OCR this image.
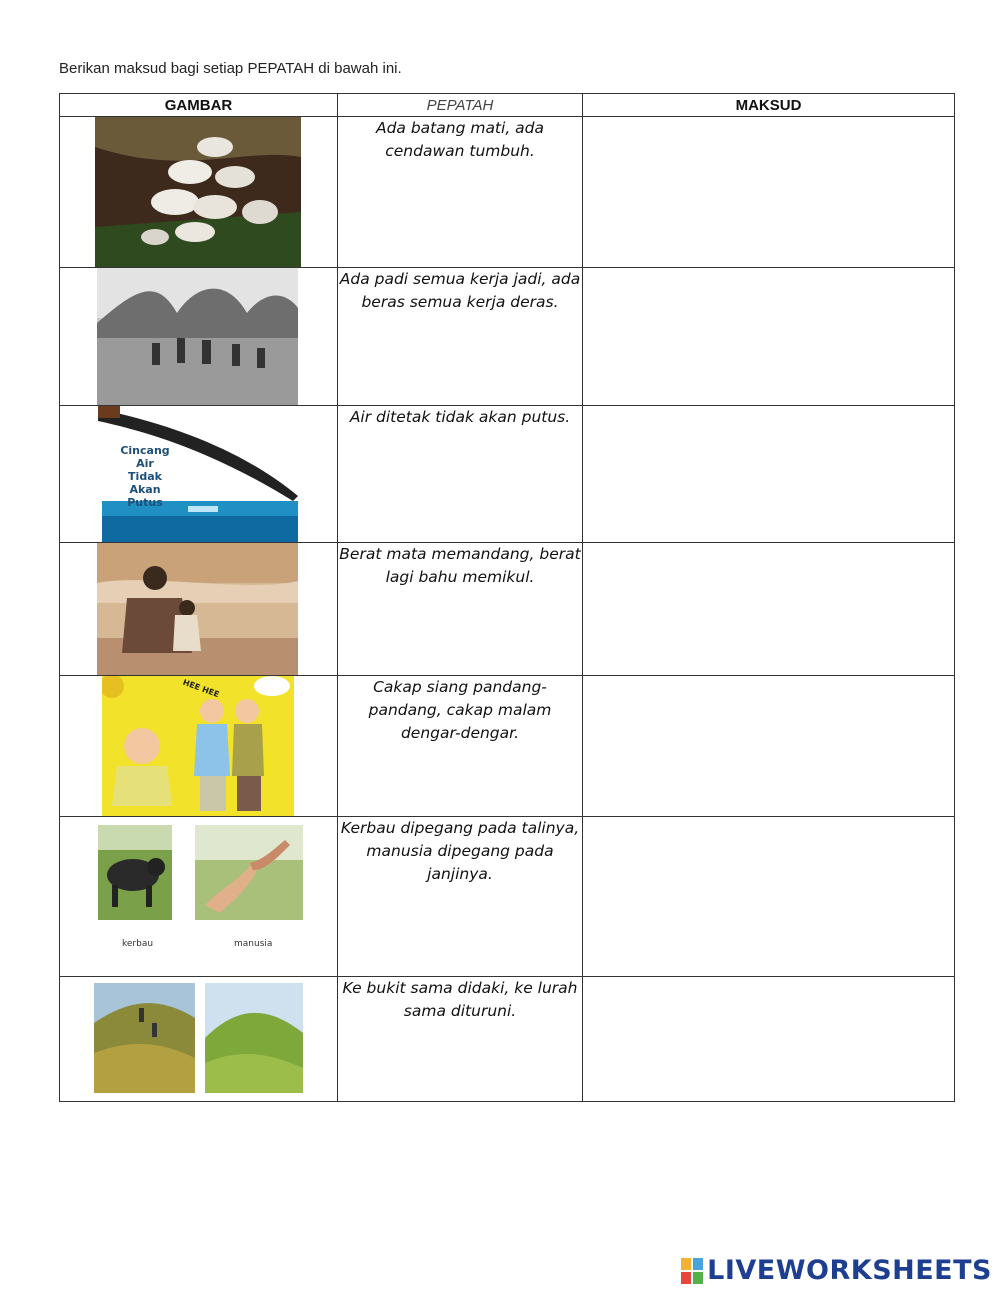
Berikan maksud bagi setiap PEPATAH di bawah ini.
GAMBAR	PEPATAH	MAKSUD

	Ada batang mati, ada cendawan tumbuh.	

	Ada padi semua kerja jadi, ada beras semua kerja deras.	

Cincang Air Tidak Akan Putus	Air ditetak tidak akan putus.	

	Berat mata memandang, berat lagi bahu memikul.	

HEE HEE	Cakap siang pandang-pandang, cakap malam dengar-dengar.	

kerbau manusia	Kerbau dipegang pada talinya, manusia dipegang pada janjinya.	

	Ke bukit sama didaki, ke lurah sama dituruni.	
LIVEWORKSHEETS
